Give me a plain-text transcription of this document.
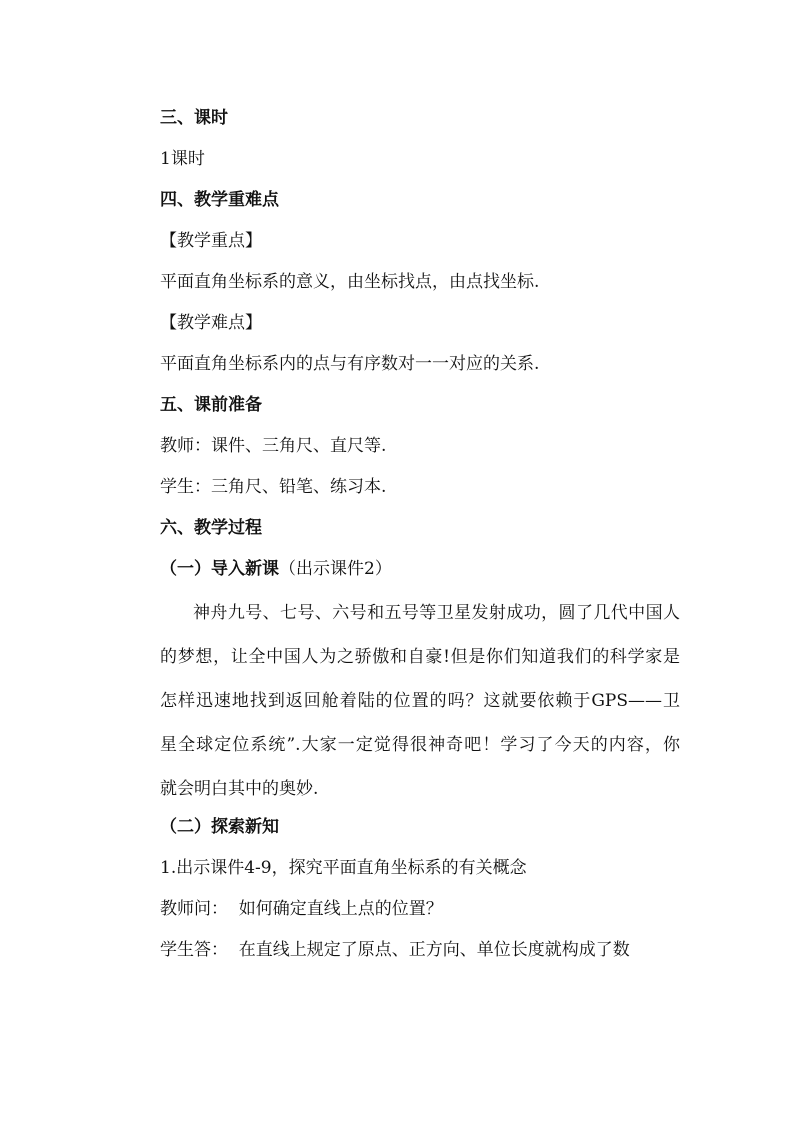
三、课时
1课时
四、教学重难点
【教学重点】
平面直角坐标系的意义，由坐标找点，由点找坐标.
【教学难点】
平面直角坐标系内的点与有序数对一一对应的关系.
五、课前准备
教师：课件、三角尺、直尺等.
学生：三角尺、铅笔、练习本.
六、教学过程
（一）导入新课（出示课件2）
神舟九号、七号、六号和五号等卫星发射成功，圆了几代中国人
的梦想，让全中国人为之骄傲和自豪!但是你们知道我们的科学家是
怎样迅速地找到返回舱着陆的位置的吗？这就要依赖于GPS——卫
星全球定位系统”.大家一定觉得很神奇吧！学习了今天的内容，你
就会明白其中的奥妙.
（二）探索新知
1.出示课件4-9，探究平面直角坐标系的有关概念
教师问：  如何确定直线上点的位置？
学生答：  在直线上规定了原点、正方向、单位长度就构成了数
